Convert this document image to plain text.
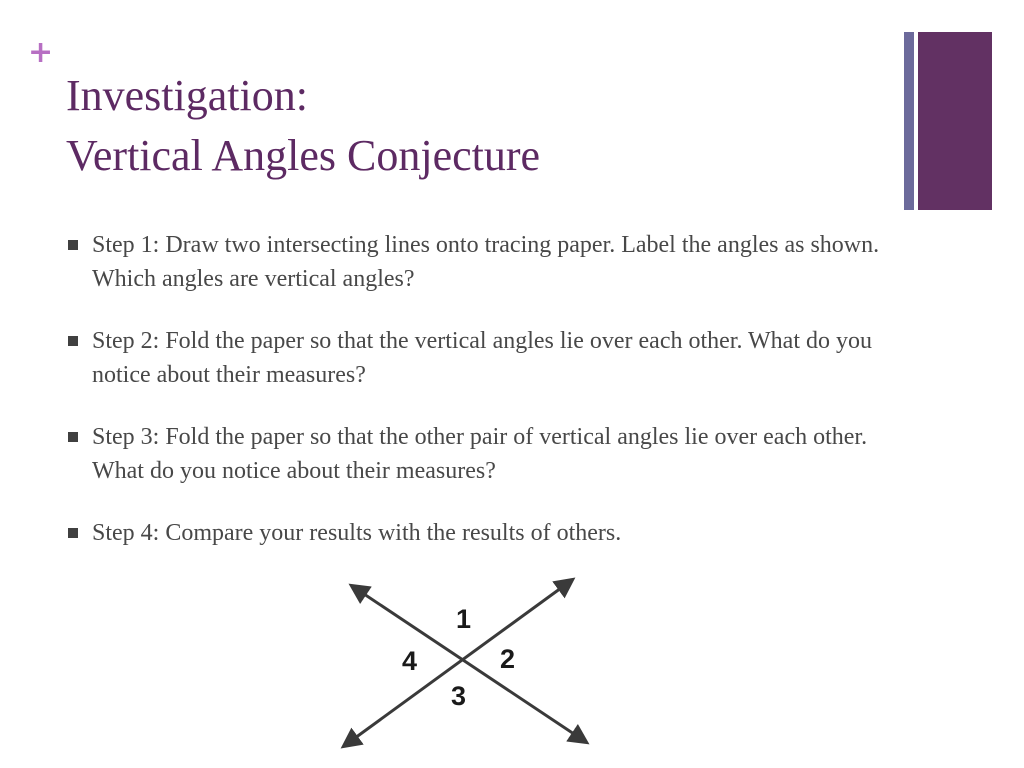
+
Investigation:
Vertical Angles Conjecture
Step 1: Draw two intersecting lines onto tracing paper. Label the angles as shown. Which angles are vertical angles?
Step 2: Fold the paper so that the vertical angles lie over each other. What do you notice about their measures?
Step 3: Fold the paper so that the other pair of vertical angles lie over each other. What do you notice about their measures?
Step 4: Compare your results with the results of others.
1
2
3
4
